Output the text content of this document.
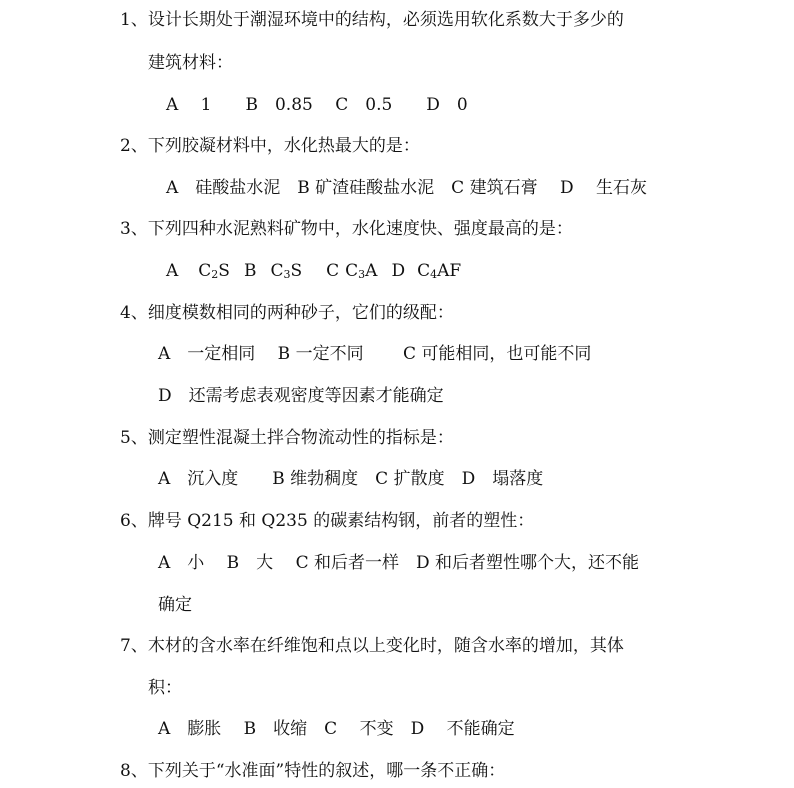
1、设计长期处于潮湿环境中的结构，必须选用软化系数大于多少的
建筑材料：
A　 1　　B　0.85　 C　0.5　　D　0
2、下列胶凝材料中，水化热最大的是：
A　硅酸盐水泥　B 矿渣硅酸盐水泥　C 建筑石膏　 D　 生石灰
3、下列四种水泥熟料矿物中，水化速度快、强度最高的是：
A $C_2S$ B $C_3S$ C $C_3A$ D $C_4AF$
4、细度模数相同的两种砂子，它们的级配：
A　一定相同　 B 一定不同　　 C 可能相同，也可能不同
D　还需考虑表观密度等因素才能确定
5、测定塑性混凝土拌合物流动性的指标是：
A　沉入度　　B 维勃稠度　C 扩散度　D　塌落度
6、牌号 Q215 和 Q235 的碳素结构钢，前者的塑性：
A　小　 B　大　 C 和后者一样　D 和后者塑性哪个大，还不能
确定
7、木材的含水率在纤维饱和点以上变化时，随含水率的增加，其体
积：
A　膨胀　 B　收缩　C　 不变　D　 不能确定
8、下列关于“水准面”特性的叙述，哪一条不正确：
